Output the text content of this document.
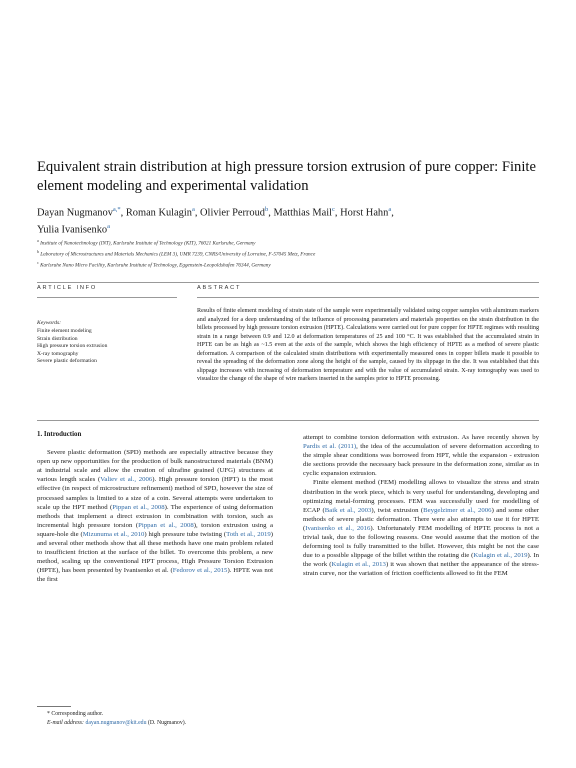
Equivalent strain distribution at high pressure torsion extrusion of pure copper: Finite element modeling and experimental validation
Dayan Nugmanov$^{a,*}$, Roman Kulagin$^a$, Olivier Perroud$^b$, Matthias Mail$^c$, Horst Hahn$^a$,
Yulia Ivanisenko$^a$
$^a$ Institute of Nanotechnology (INT), Karlsruhe Institute of Technology (KIT), 76021 Karlsruhe, Germany
$^b$ Laboratory of Microstructures and Materials Mechanics (LEM 3), UMR 7239, CNRS/University of Lorraine, F-57045 Metz, France
$^c$ Karlsruhe Nano Micro Facility, Karlsruhe Institute of Technology, Eggenstein-Leopoldshafen 76344, Germany
ARTICLE INFO	ABSTRACT
Keywords:
Finite element modeling
Strain distribution
High pressure torsion extrusion
X-ray tomography
Severe plastic deformation
Results of finite element modeling of strain state of the sample were experimentally validated using copper samples with aluminum markers and analyzed for a deep understanding of the influence of processing parameters and materials properties on the strain distribution in the billets processed by high pressure torsion extrusion (HPTE). Calculations were carried out for pure copper for HPTE regimes with resulting strain in a range between 0.9 and 12.0 at deformation temperatures of 25 and 100 °C. It was established that the accumulated strain in HPTE can be as high as ~1.5 even at the axis of the sample, which shows the high efficiency of HPTE as a method of severe plastic deformation. A comparison of the calculated strain distributions with experimentally measured ones in copper billets made it possible to reveal the spreading of the deformation zone along the height of the sample, caused by its slippage in the die. It was established that this slippage increases with increasing of deformation temperature and with the value of accumulated strain. X-ray tomography was used to visualize the change of the shape of wire markers inserted in the samples prior to HPTE processing.
1. Introduction

Severe plastic deformation (SPD) methods are especially attractive because they open up new opportunities for the production of bulk nanostructured materials (BNM) at industrial scale and allow the creation of ultrafine grained (UFG) structures at various length scales (Valiev et al., 2006). High pressure torsion (HPT) is the most effective (in respect of microstructure refinement) method of SPD, however the size of processed samples is limited to a size of a coin. Several attempts were undertaken to scale up the HPT method (Pippan et al., 2008). The experience of using deformation methods that implement a direct extrusion in combination with torsion, such as incremental high pressure torsion (Pippan et al., 2008), torsion extrusion using a square-hole die (Mizunuma et al., 2010) high pressure tube twisting (Toth et al., 2019) and several other methods show that all these methods have one main problem related to insufficient friction at the surface of the billet. To overcome this problem, a new method, scaling up the conventional HPT process, High Pressure Torsion Extrusion (HPTE), has been presented by Ivanisenko et al. (Fedorov et al., 2015). HPTE was not the first

attempt to combine torsion deformation with extrusion. As have recently shown by Pardis et al. (2011), the idea of the accumulation of severe deformation according to the simple shear conditions was borrowed from HPT, while the expansion - extrusion die sections provide the necessary back pressure in the deformation zone, similar as in cyclic expansion extrusion.

Finite element method (FEM) modelling allows to visualize the stress and strain distribution in the work piece, which is very useful for understanding, developing and optimizing metal-forming processes. FEM was successfully used for modelling of ECAP (Baik et al., 2003), twist extrusion (Beygelzimer et al., 2006) and some other methods of severe plastic deformation. There were also attempts to use it for HPTE (Ivanisenko et al., 2016). Unfortunately FEM modelling of HPTE process is not a trivial task, due to the following reasons. One would assume that the motion of the deforming tool is fully transmitted to the billet. However, this might be not the case due to a possible slippage of the billet within the rotating die (Kulagin et al., 2019). In the work (Kulagin et al., 2013) it was shown that neither the appearance of the stress-strain curve, nor the variation of friction coefficients allowed to fit the FEM

* Corresponding author.
E-mail address: dayan.nugmanov@kit.edu (D. Nugmanov).
